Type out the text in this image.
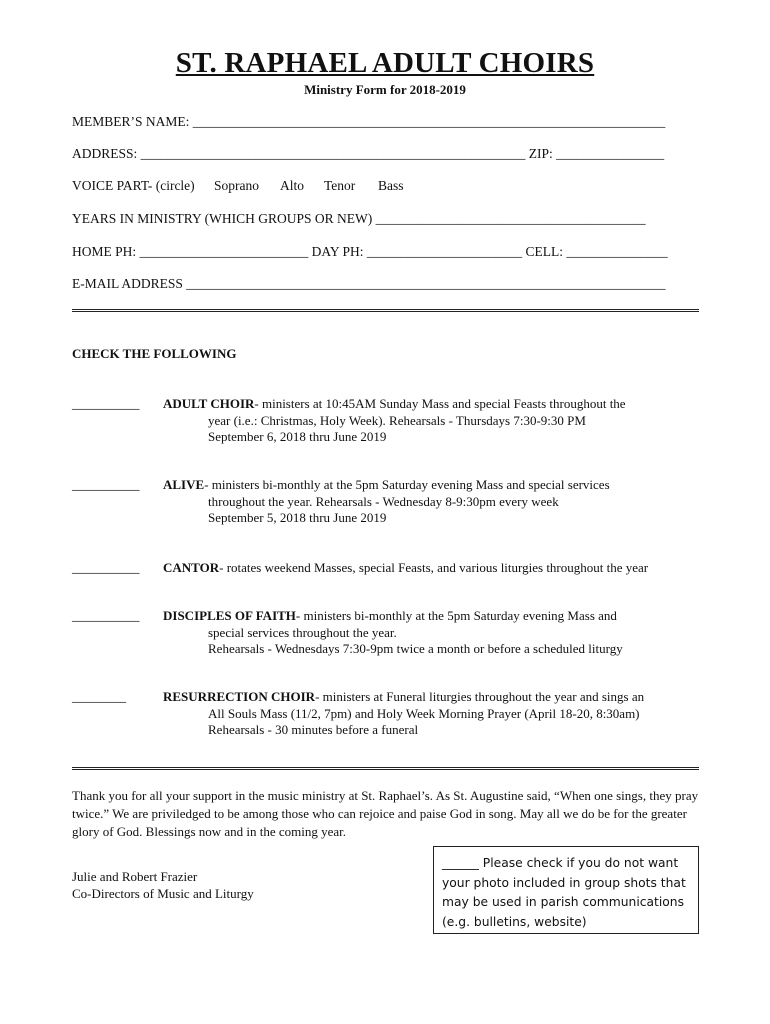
ST. RAPHAEL ADULT CHOIRS
Ministry Form for 2018-2019
MEMBER’S NAME: ______________________________________________________________________
ADDRESS: _________________________________________________________ ZIP: ________________
VOICE PART- (circle) Soprano Alto Tenor Bass
YEARS IN MINISTRY (WHICH GROUPS OR NEW) ________________________________________
HOME PH: _________________________ DAY PH: _______________________ CELL: _______________
E-MAIL ADDRESS _______________________________________________________________________
CHECK THE FOLLOWING
__________ ADULT CHOIR- ministers at 10:45AM Sunday Mass and special Feasts throughout the
year (i.e.: Christmas, Holy Week). Rehearsals - Thursdays 7:30-9:30 PM
September 6, 2018 thru June 2019
__________ ALIVE- ministers bi-monthly at the 5pm Saturday evening Mass and special services
throughout the year. Rehearsals - Wednesday 8-9:30pm every week
September 5, 2018 thru June 2019
__________ CANTOR- rotates weekend Masses, special Feasts, and various liturgies throughout the year
__________ DISCIPLES OF FAITH- ministers bi-monthly at the 5pm Saturday evening Mass and
special services throughout the year.
Rehearsals - Wednesdays 7:30-9pm twice a month or before a scheduled liturgy
________	RESURRECTION CHOIR- ministers at Funeral liturgies throughout the year and sings an
All Souls Mass (11/2, 7pm) and Holy Week Morning Prayer (April 18-20, 8:30am)
Rehearsals - 30 minutes before a funeral
Thank you for all your support in the music ministry at St. Raphael’s. As St. Augustine said, “When one sings, they pray twice.” We are priviledged to be among those who can rejoice and paise God in song. May all we do be for the greater glory of God. Blessings now and in the coming year.
Julie and Robert Frazier
Co-Directors of Music and Liturgy
______ Please check if you do not want
your photo included in group shots that
may be used in parish communications
(e.g. bulletins, website)
